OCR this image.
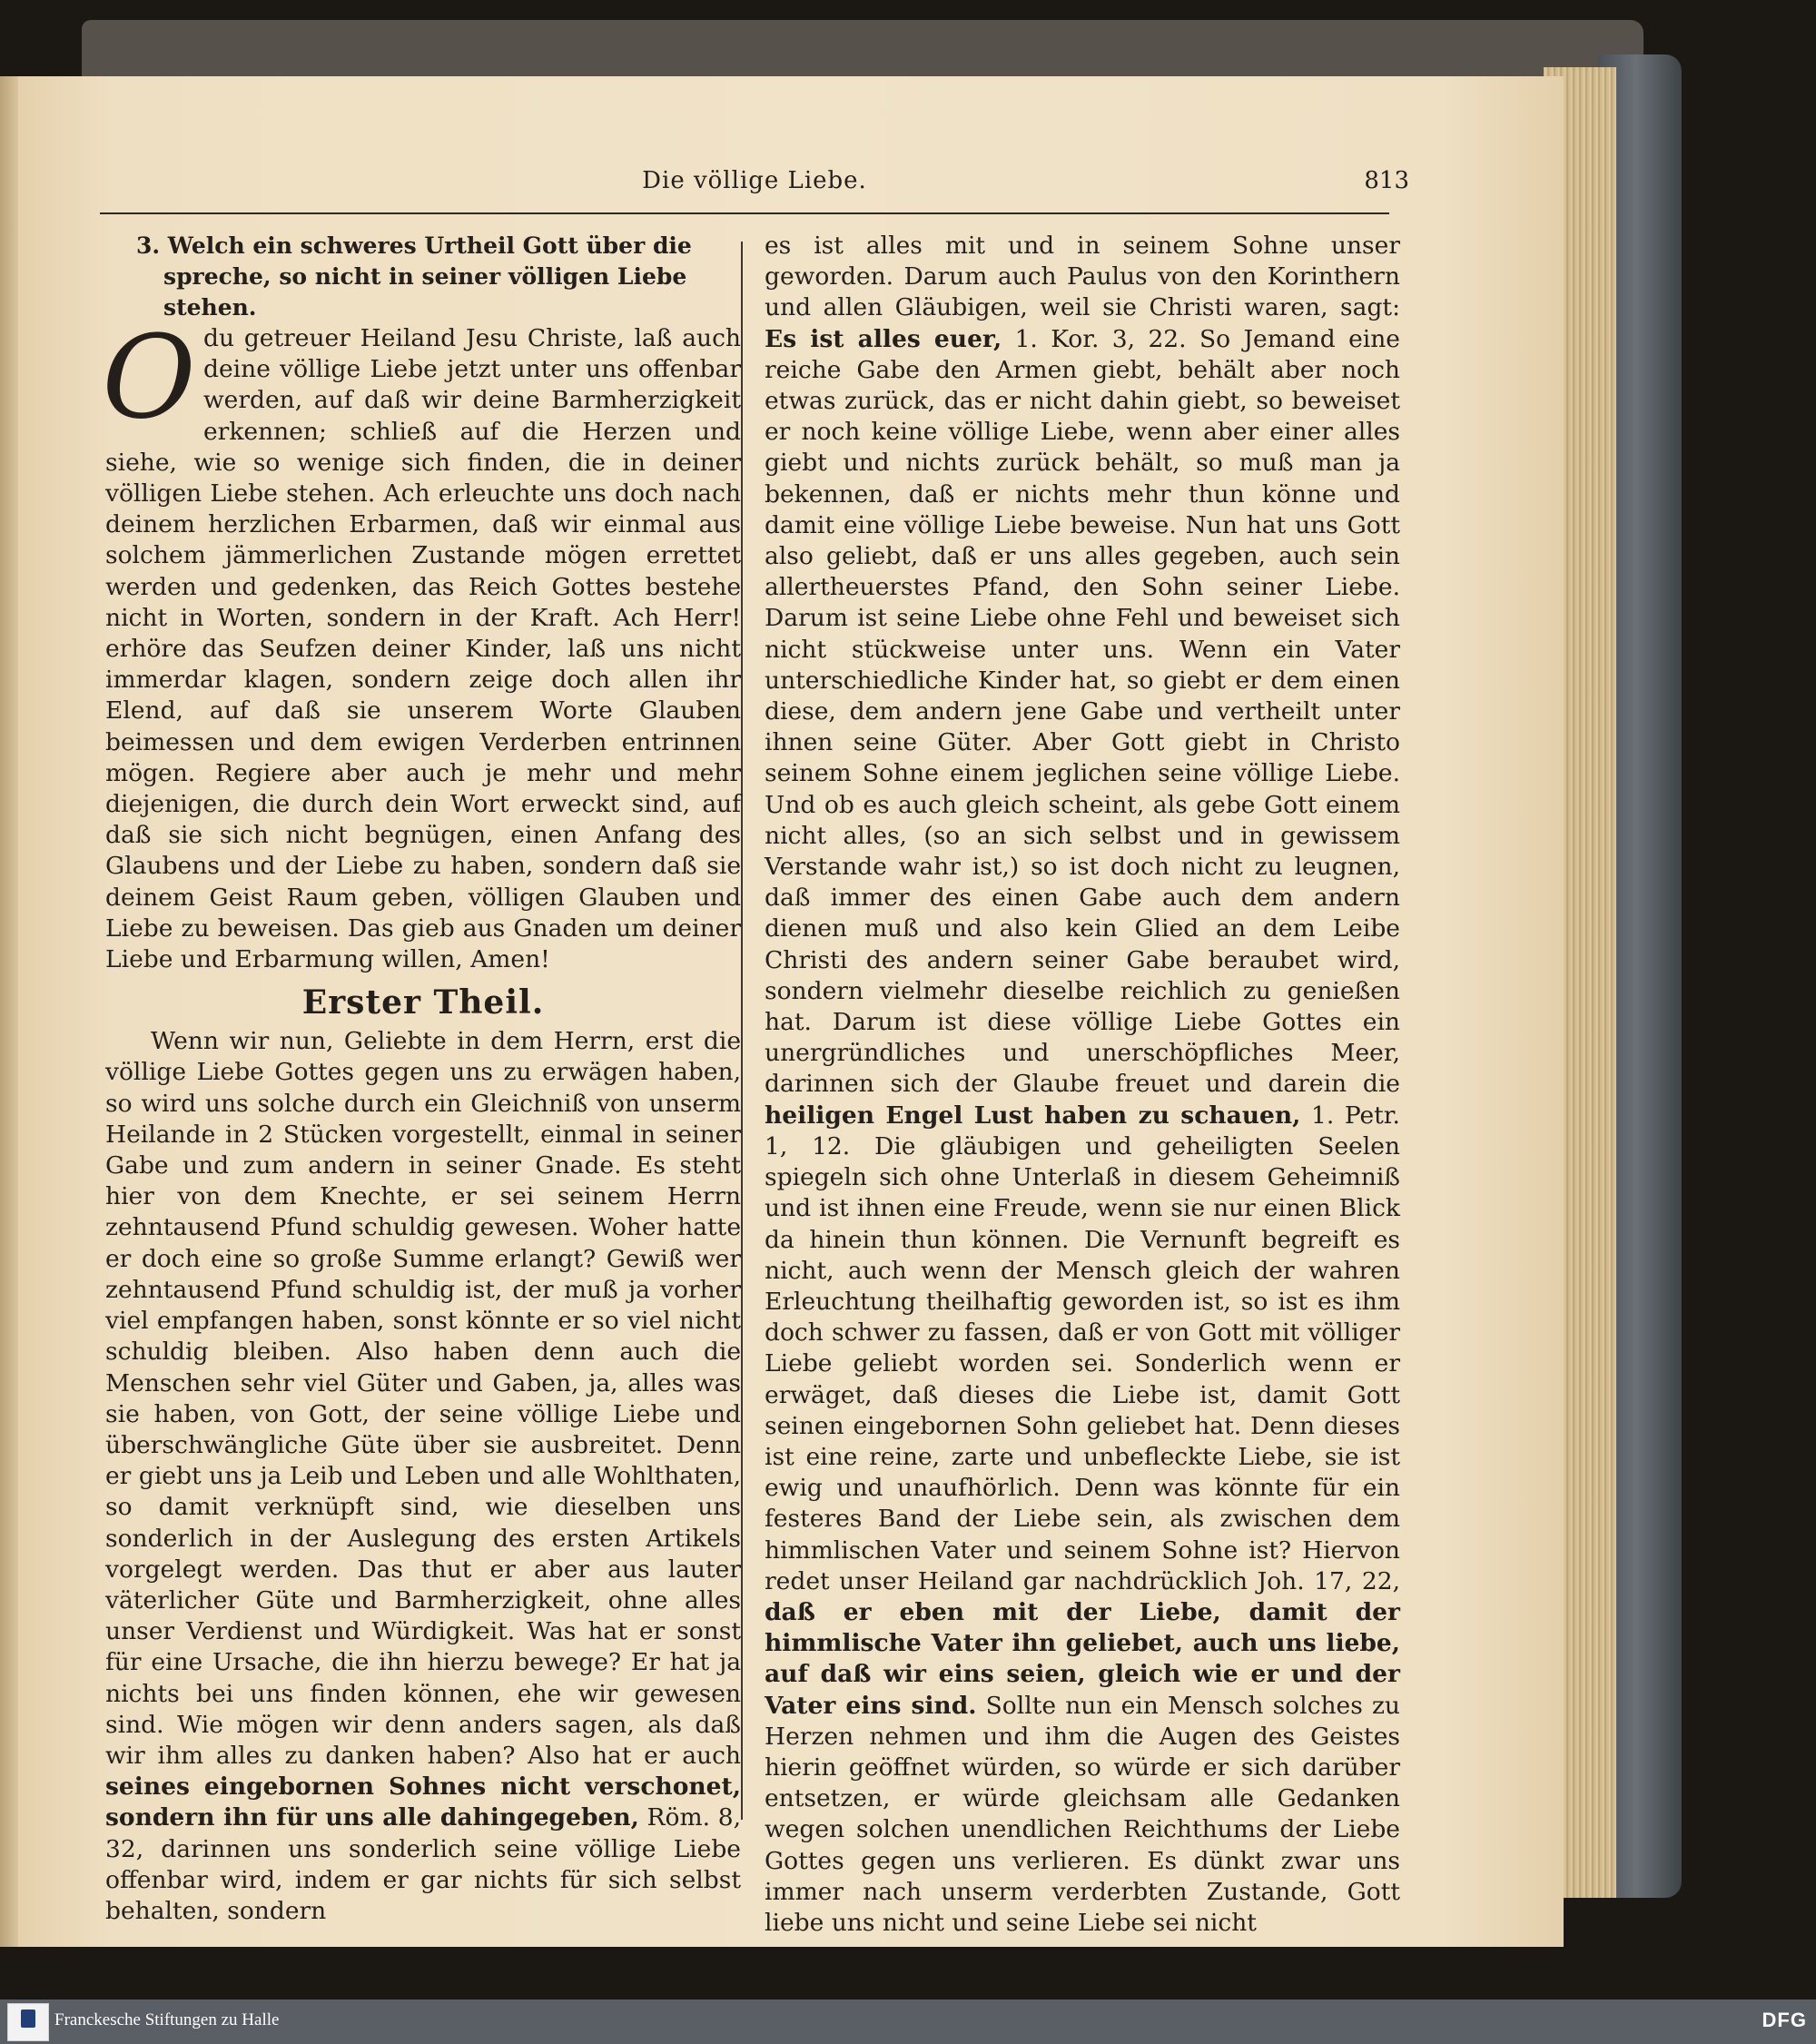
Die völlige Liebe.	813

3. Welch ein schweres Urtheil Gott über die spreche, so nicht in seiner völligen Liebe stehen.

O du getreuer Heiland Jesu Christe, laß auch deine völlige Liebe jetzt unter uns offenbar werden, auf daß wir deine Barmherzigkeit erkennen; schließ auf die Herzen und siehe, wie so wenige sich finden, die in deiner völligen Liebe stehen. Ach erleuchte uns doch nach deinem herzlichen Erbarmen, daß wir einmal aus solchem jämmerlichen Zustande mögen errettet werden und gedenken, das Reich Gottes bestehe nicht in Worten, sondern in der Kraft. Ach Herr! erhöre das Seufzen deiner Kinder, laß uns nicht immerdar klagen, sondern zeige doch allen ihr Elend, auf daß sie unserem Worte Glauben beimessen und dem ewigen Verderben entrinnen mögen. Regiere aber auch je mehr und mehr diejenigen, die durch dein Wort erweckt sind, auf daß sie sich nicht begnügen, einen Anfang des Glaubens und der Liebe zu haben, sondern daß sie deinem Geist Raum geben, völligen Glauben und Liebe zu beweisen. Das gieb aus Gnaden um deiner Liebe und Erbarmung willen, Amen!

Erster Theil.

Wenn wir nun, Geliebte in dem Herrn, erst die völlige Liebe Gottes gegen uns zu erwägen haben, so wird uns solche durch ein Gleichniß von unserm Heilande in 2 Stücken vorgestellt, einmal in seiner Gabe und zum andern in seiner Gnade. Es steht hier von dem Knechte, er sei seinem Herrn zehntausend Pfund schuldig gewesen. Woher hatte er doch eine so große Summe erlangt? Gewiß wer zehntausend Pfund schuldig ist, der muß ja vorher viel empfangen haben, sonst könnte er so viel nicht schuldig bleiben. Also haben denn auch die Menschen sehr viel Güter und Gaben, ja, alles was sie haben, von Gott, der seine völlige Liebe und überschwängliche Güte über sie ausbreitet. Denn er giebt uns ja Leib und Leben und alle Wohlthaten, so damit verknüpft sind, wie dieselben uns sonderlich in der Auslegung des ersten Artikels vorgelegt werden. Das thut er aber aus lauter väterlicher Güte und Barmherzigkeit, ohne alles unser Verdienst und Würdigkeit. Was hat er sonst für eine Ursache, die ihn hierzu bewege? Er hat ja nichts bei uns finden können, ehe wir gewesen sind. Wie mögen wir denn anders sagen, als daß wir ihm alles zu danken haben? Also hat er auch seines eingebornen Sohnes nicht verschonet, sondern ihn für uns alle dahingegeben, Röm. 8, 32, darinnen uns sonderlich seine völlige Liebe offenbar wird, indem er gar nichts für sich selbst behalten, sondern

es ist alles mit und in seinem Sohne unser geworden. Darum auch Paulus von den Korinthern und allen Gläubigen, weil sie Christi waren, sagt: Es ist alles euer, 1. Kor. 3, 22. So Jemand eine reiche Gabe den Armen giebt, behält aber noch etwas zurück, das er nicht dahin giebt, so beweiset er noch keine völlige Liebe, wenn aber einer alles giebt und nichts zurück behält, so muß man ja bekennen, daß er nichts mehr thun könne und damit eine völlige Liebe beweise. Nun hat uns Gott also geliebt, daß er uns alles gegeben, auch sein allertheuerstes Pfand, den Sohn seiner Liebe. Darum ist seine Liebe ohne Fehl und beweiset sich nicht stückweise unter uns. Wenn ein Vater unterschiedliche Kinder hat, so giebt er dem einen diese, dem andern jene Gabe und vertheilt unter ihnen seine Güter. Aber Gott giebt in Christo seinem Sohne einem jeglichen seine völlige Liebe. Und ob es auch gleich scheint, als gebe Gott einem nicht alles, (so an sich selbst und in gewissem Verstande wahr ist,) so ist doch nicht zu leugnen, daß immer des einen Gabe auch dem andern dienen muß und also kein Glied an dem Leibe Christi des andern seiner Gabe beraubet wird, sondern vielmehr dieselbe reichlich zu genießen hat. Darum ist diese völlige Liebe Gottes ein unergründliches und unerschöpfliches Meer, darinnen sich der Glaube freuet und darein die heiligen Engel Lust haben zu schauen, 1. Petr. 1, 12. Die gläubigen und geheiligten Seelen spiegeln sich ohne Unterlaß in diesem Geheimniß und ist ihnen eine Freude, wenn sie nur einen Blick da hinein thun können. Die Vernunft begreift es nicht, auch wenn der Mensch gleich der wahren Erleuchtung theilhaftig geworden ist, so ist es ihm doch schwer zu fassen, daß er von Gott mit völliger Liebe geliebt worden sei. Sonderlich wenn er erwäget, daß dieses die Liebe ist, damit Gott seinen eingebornen Sohn geliebet hat. Denn dieses ist eine reine, zarte und unbefleckte Liebe, sie ist ewig und unaufhörlich. Denn was könnte für ein festeres Band der Liebe sein, als zwischen dem himmlischen Vater und seinem Sohne ist? Hiervon redet unser Heiland gar nachdrücklich Joh. 17, 22, daß er eben mit der Liebe, damit der himmlische Vater ihn geliebet, auch uns liebe, auf daß wir eins seien, gleich wie er und der Vater eins sind. Sollte nun ein Mensch solches zu Herzen nehmen und ihm die Augen des Geistes hierin geöffnet würden, so würde er sich darüber entsetzen, er würde gleichsam alle Gedanken wegen solchen unendlichen Reichthums der Liebe Gottes gegen uns verlieren. Es dünkt zwar uns immer nach unserm verderbten Zustande, Gott liebe uns nicht und seine Liebe sei nicht

Franckesche Stiftungen zu Halle	DFG
